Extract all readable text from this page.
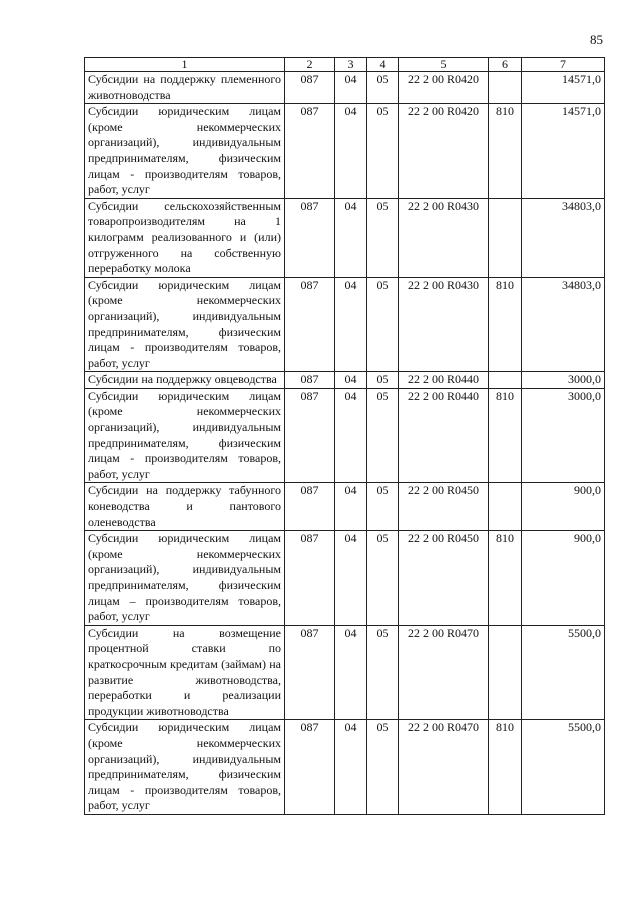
85
1	2	3	4	5	6	7
Субсидии на поддержку племенного животноводства	087	04	05	22 2 00 R0420		14571,0
Субсидии юридическим лицам (кроме некоммерческих организаций), индивидуальным предпринимателям, физическим лицам - производителям товаров, работ, услуг	087	04	05	22 2 00 R0420	810	14571,0
Субсидии сельскохозяйственным товаропроизводителям на 1 килограмм реализованного и (или) отгруженного на собственную переработку молока	087	04	05	22 2 00 R0430		34803,0
Субсидии юридическим лицам (кроме некоммерческих организаций), индивидуальным предпринимателям, физическим лицам - производителям товаров, работ, услуг	087	04	05	22 2 00 R0430	810	34803,0
Субсидии на поддержку овцеводства	087	04	05	22 2 00 R0440		3000,0
Субсидии юридическим лицам (кроме некоммерческих организаций), индивидуальным предпринимателям, физическим лицам - производителям товаров, работ, услуг	087	04	05	22 2 00 R0440	810	3000,0
Субсидии на поддержку табунного коневодства и пантового оленеводства	087	04	05	22 2 00 R0450		900,0
Субсидии юридическим лицам (кроме некоммерческих организаций), индивидуальным предпринимателям, физическим лицам – производителям товаров, работ, услуг	087	04	05	22 2 00 R0450	810	900,0
Субсидии на возмещение процентной ставки по краткосрочным кредитам (займам) на развитие животноводства, переработки и реализации продукции животноводства	087	04	05	22 2 00 R0470		5500,0
Субсидии юридическим лицам (кроме некоммерческих организаций), индивидуальным предпринимателям, физическим лицам - производителям товаров, работ, услуг	087	04	05	22 2 00 R0470	810	5500,0
